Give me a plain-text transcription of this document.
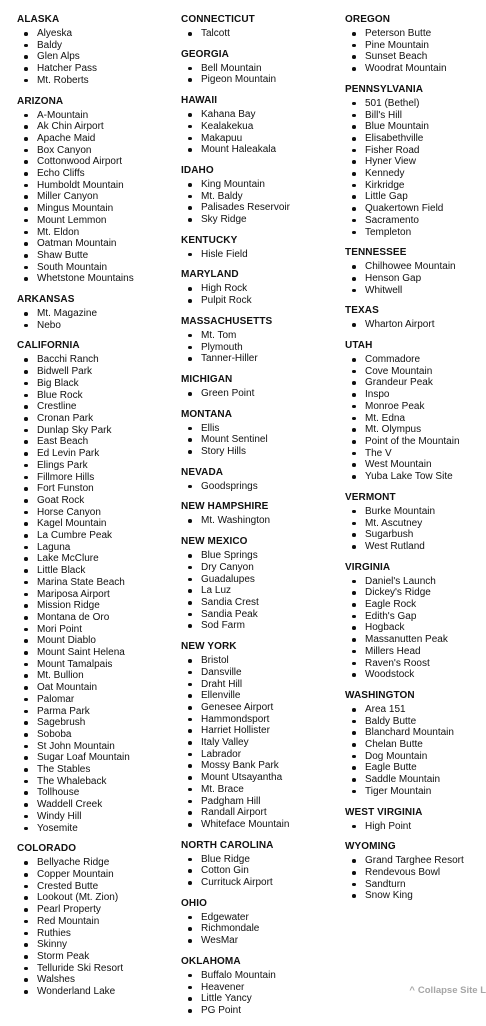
ALASKA
Alyeska
Baldy
Glen Alps
Hatcher Pass
Mt. Roberts
ARIZONA
A-Mountain
Ak Chin Airport
Apache Maid
Box Canyon
Cottonwood Airport
Echo Cliffs
Humboldt Mountain
Miller Canyon
Mingus Mountain
Mount Lemmon
Mt. Eldon
Oatman Mountain
Shaw Butte
South Mountain
Whetstone Mountains
ARKANSAS
Mt. Magazine
Nebo
CALIFORNIA
Bacchi Ranch
Bidwell Park
Big Black
Blue Rock
Crestline
Cronan Park
Dunlap Sky Park
East Beach
Ed Levin Park
Elings Park
Fillmore Hills
Fort Funston
Goat Rock
Horse Canyon
Kagel Mountain
La Cumbre Peak
Laguna
Lake McClure
Little Black
Marina State Beach
Mariposa Airport
Mission Ridge
Montana de Oro
Mori Point
Mount Diablo
Mount Saint Helena
Mount Tamalpais
Mt. Bullion
Oat Mountain
Palomar
Parma Park
Sagebrush
Soboba
St John Mountain
Sugar Loaf Mountain
The Stables
The Whaleback
Tollhouse
Waddell Creek
Windy Hill
Yosemite
COLORADO
Bellyache Ridge
Copper Mountain
Crested Butte
Lookout (Mt. Zion)
Pearl Property
Red Mountain
Ruthies
Skinny
Storm Peak
Telluride Ski Resort
Walshes
Wonderland Lake
CONNECTICUT
Talcott
GEORGIA
Bell Mountain
Pigeon Mountain
HAWAII
Kahana Bay
Kealakekua
Makapuu
Mount Haleakala
IDAHO
King Mountain
Mt. Baldy
Palisades Reservoir
Sky Ridge
KENTUCKY
Hisle Field
MARYLAND
High Rock
Pulpit Rock
MASSACHUSETTS
Mt. Tom
Plymouth
Tanner-Hiller
MICHIGAN
Green Point
MONTANA
Ellis
Mount Sentinel
Story Hills
NEVADA
Goodsprings
NEW HAMPSHIRE
Mt. Washington
NEW MEXICO
Blue Springs
Dry Canyon
Guadalupes
La Luz
Sandia Crest
Sandia Peak
Sod Farm
NEW YORK
Bristol
Dansville
Draht Hill
Ellenville
Genesee Airport
Hammondsport
Harriet Hollister
Italy Valley
Labrador
Mossy Bank Park
Mount Utsayantha
Mt. Brace
Padgham Hill
Randall Airport
Whiteface Mountain
NORTH CAROLINA
Blue Ridge
Cotton Gin
Currituck Airport
OHIO
Edgewater
Richmondale
WesMar
OKLAHOMA
Buffalo Mountain
Heavener
Little Yancy
PG Point
OREGON
Peterson Butte
Pine Mountain
Sunset Beach
Woodrat Mountain
PENNSYLVANIA
501 (Bethel)
Bill's Hill
Blue Mountain
Elisabethville
Fisher Road
Hyner View
Kennedy
Kirkridge
Little Gap
Quakertown Field
Sacramento
Templeton
TENNESSEE
Chilhowee Mountain
Henson Gap
Whitwell
TEXAS
Wharton Airport
UTAH
Commadore
Cove Mountain
Grandeur Peak
Inspo
Monroe Peak
Mt. Edna
Mt. Olympus
Point of the Mountain
The V
West Mountain
Yuba Lake Tow Site
VERMONT
Burke Mountain
Mt. Ascutney
Sugarbush
West Rutland
VIRGINIA
Daniel's Launch
Dickey's Ridge
Eagle Rock
Edith's Gap
Hogback
Massanutten Peak
Millers Head
Raven's Roost
Woodstock
WASHINGTON
Area 151
Baldy Butte
Blanchard Mountain
Chelan Butte
Dog Mountain
Eagle Butte
Saddle Mountain
Tiger Mountain
WEST VIRGINIA
High Point
WYOMING
Grand Targhee Resort
Rendevous Bowl
Sandturn
Snow King
^ Collapse Site L
